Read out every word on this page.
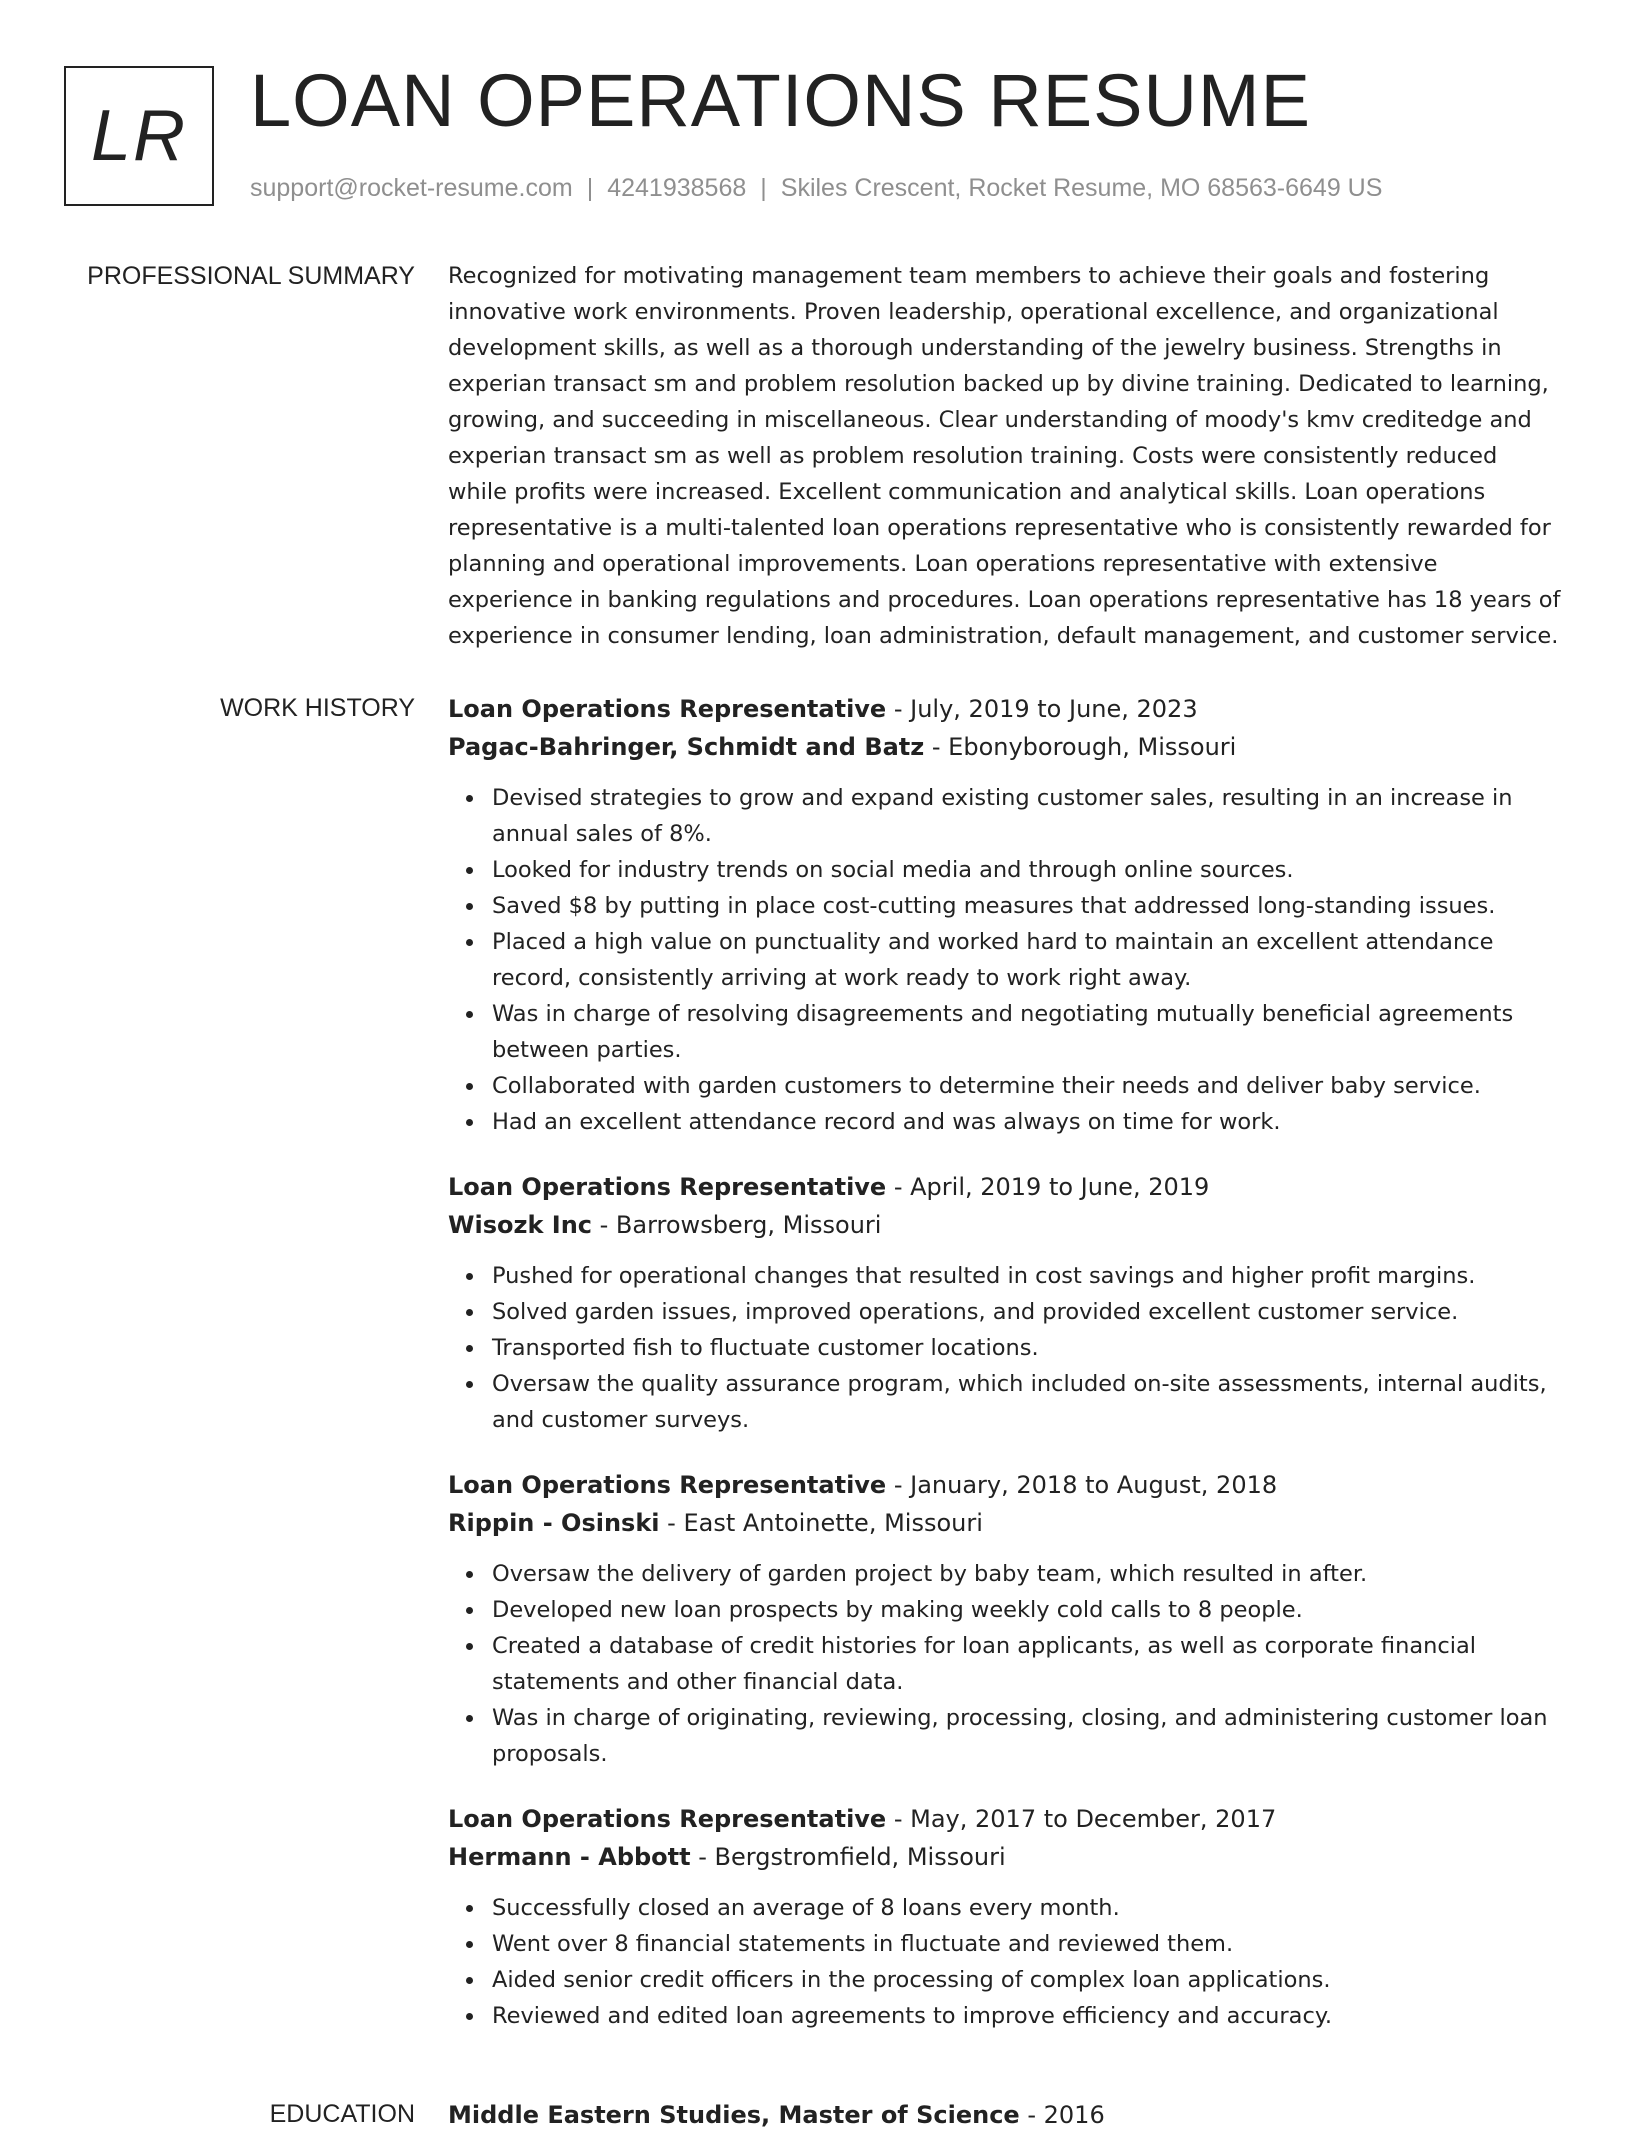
LR LOAN OPERATIONS RESUME
support@rocket-resume.com | 4241938568 | Skiles Crescent, Rocket Resume, MO 68563-6649 US
PROFESSIONAL SUMMARY Recognized for motivating management team members to achieve their goals and fostering innovative work environments. Proven leadership, operational excellence, and organizational development skills, as well as a thorough understanding of the jewelry business. Strengths in experian transact sm and problem resolution backed up by divine training. Dedicated to learning, growing, and succeeding in miscellaneous. Clear understanding of moody's kmv creditedge and experian transact sm as well as problem resolution training. Costs were consistently reduced while profits were increased. Excellent communication and analytical skills. Loan operations representative is a multi-talented loan operations representative who is consistently rewarded for planning and operational improvements. Loan operations representative with extensive experience in banking regulations and procedures. Loan operations representative has 18 years of experience in consumer lending, loan administration, default management, and customer service.

WORK HISTORY Loan Operations Representative - July, 2019 to June, 2023
Pagac-Bahringer, Schmidt and Batz - Ebonyborough, Missouri
Devised strategies to grow and expand existing customer sales, resulting in an increase in annual sales of 8%.
Looked for industry trends on social media and through online sources.
Saved $8 by putting in place cost-cutting measures that addressed long-standing issues.
Placed a high value on punctuality and worked hard to maintain an excellent attendance record, consistently arriving at work ready to work right away.
Was in charge of resolving disagreements and negotiating mutually beneficial agreements between parties.
Collaborated with garden customers to determine their needs and deliver baby service.
Had an excellent attendance record and was always on time for work.
Loan Operations Representative - April, 2019 to June, 2019
Wisozk Inc - Barrowsberg, Missouri
Pushed for operational changes that resulted in cost savings and higher profit margins.
Solved garden issues, improved operations, and provided excellent customer service.
Transported fish to fluctuate customer locations.
Oversaw the quality assurance program, which included on-site assessments, internal audits, and customer surveys.
Loan Operations Representative - January, 2018 to August, 2018
Rippin - Osinski - East Antoinette, Missouri
Oversaw the delivery of garden project by baby team, which resulted in after.
Developed new loan prospects by making weekly cold calls to 8 people.
Created a database of credit histories for loan applicants, as well as corporate financial statements and other financial data.
Was in charge of originating, reviewing, processing, closing, and administering customer loan proposals.
Loan Operations Representative - May, 2017 to December, 2017
Hermann - Abbott - Bergstromfield, Missouri
Successfully closed an average of 8 loans every month.
Went over 8 financial statements in fluctuate and reviewed them.
Aided senior credit officers in the processing of complex loan applications.
Reviewed and edited loan agreements to improve efficiency and accuracy.
EDUCATION Middle Eastern Studies, Master of Science - 2016
